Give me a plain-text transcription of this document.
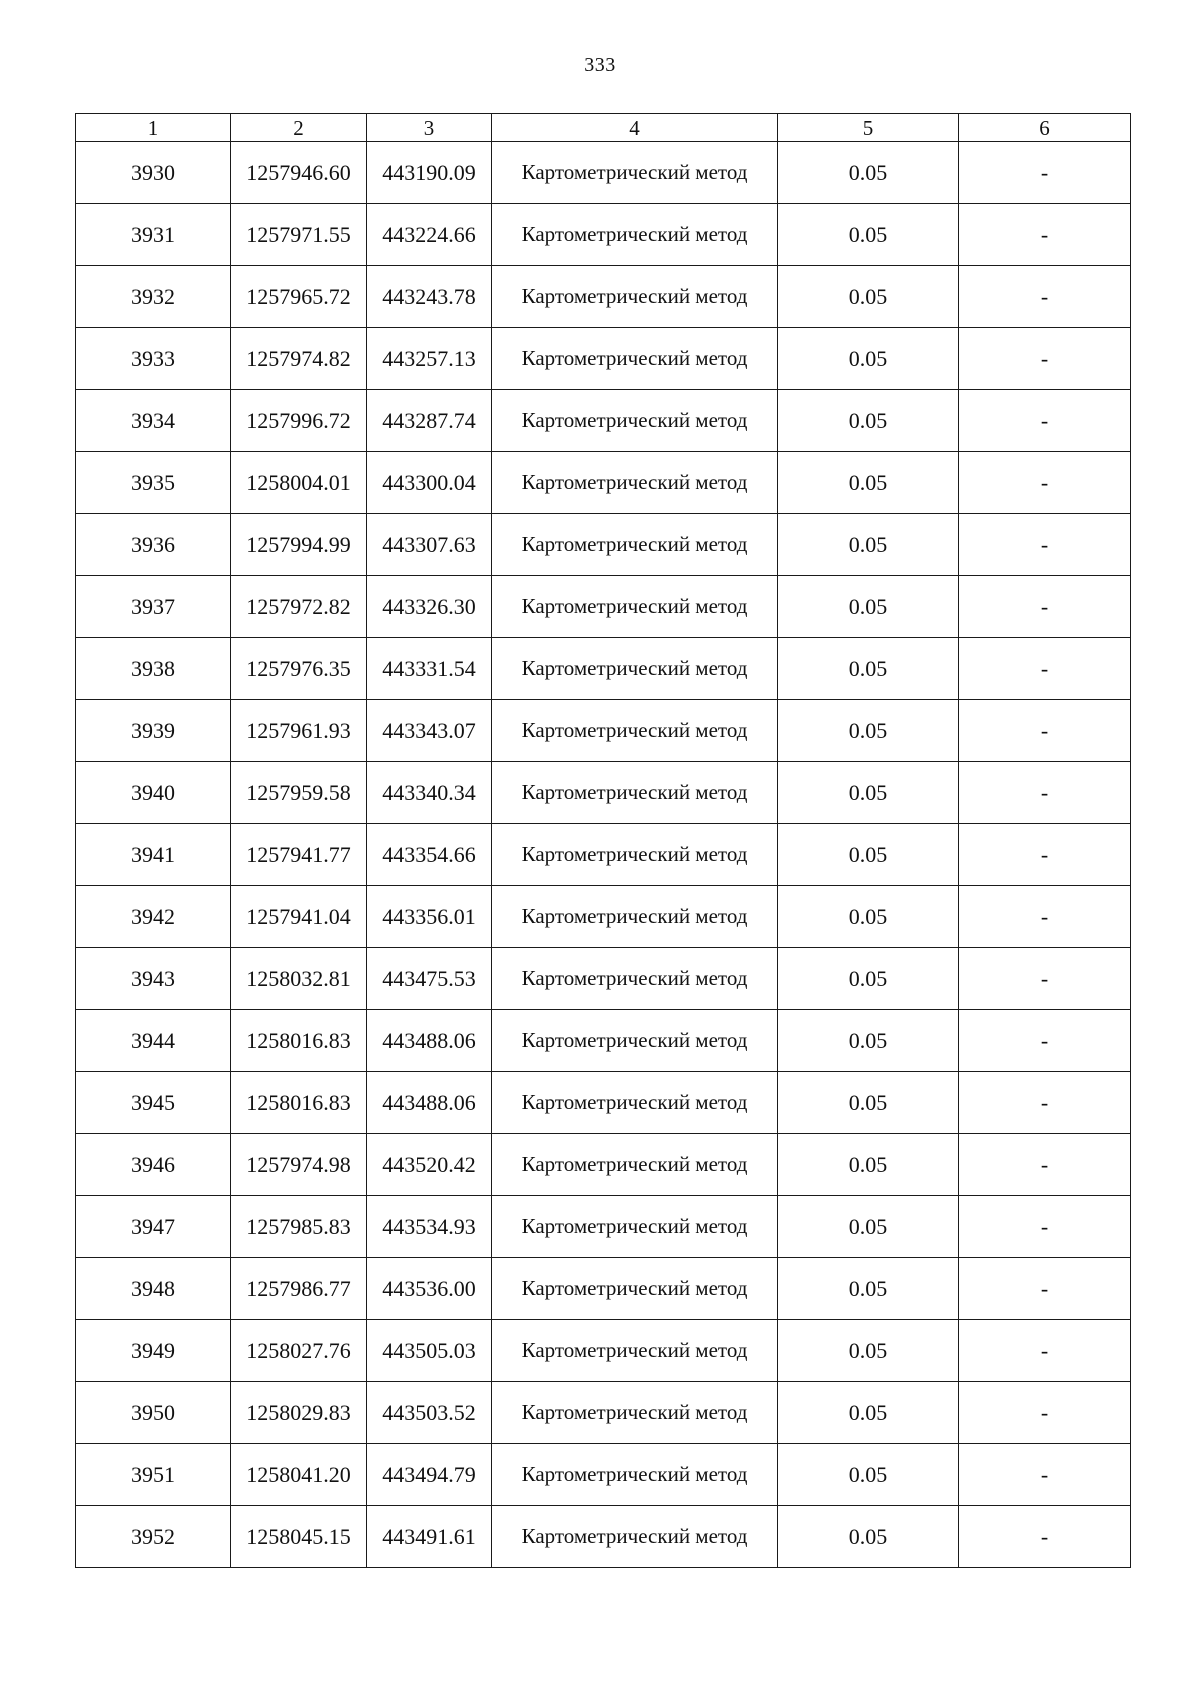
333
1	2	3	4	5	6
3930	1257946.60	443190.09	Картометрический метод	0.05	-
3931	1257971.55	443224.66	Картометрический метод	0.05	-
3932	1257965.72	443243.78	Картометрический метод	0.05	-
3933	1257974.82	443257.13	Картометрический метод	0.05	-
3934	1257996.72	443287.74	Картометрический метод	0.05	-
3935	1258004.01	443300.04	Картометрический метод	0.05	-
3936	1257994.99	443307.63	Картометрический метод	0.05	-
3937	1257972.82	443326.30	Картометрический метод	0.05	-
3938	1257976.35	443331.54	Картометрический метод	0.05	-
3939	1257961.93	443343.07	Картометрический метод	0.05	-
3940	1257959.58	443340.34	Картометрический метод	0.05	-
3941	1257941.77	443354.66	Картометрический метод	0.05	-
3942	1257941.04	443356.01	Картометрический метод	0.05	-
3943	1258032.81	443475.53	Картометрический метод	0.05	-
3944	1258016.83	443488.06	Картометрический метод	0.05	-
3945	1258016.83	443488.06	Картометрический метод	0.05	-
3946	1257974.98	443520.42	Картометрический метод	0.05	-
3947	1257985.83	443534.93	Картометрический метод	0.05	-
3948	1257986.77	443536.00	Картометрический метод	0.05	-
3949	1258027.76	443505.03	Картометрический метод	0.05	-
3950	1258029.83	443503.52	Картометрический метод	0.05	-
3951	1258041.20	443494.79	Картометрический метод	0.05	-
3952	1258045.15	443491.61	Картометрический метод	0.05	-
